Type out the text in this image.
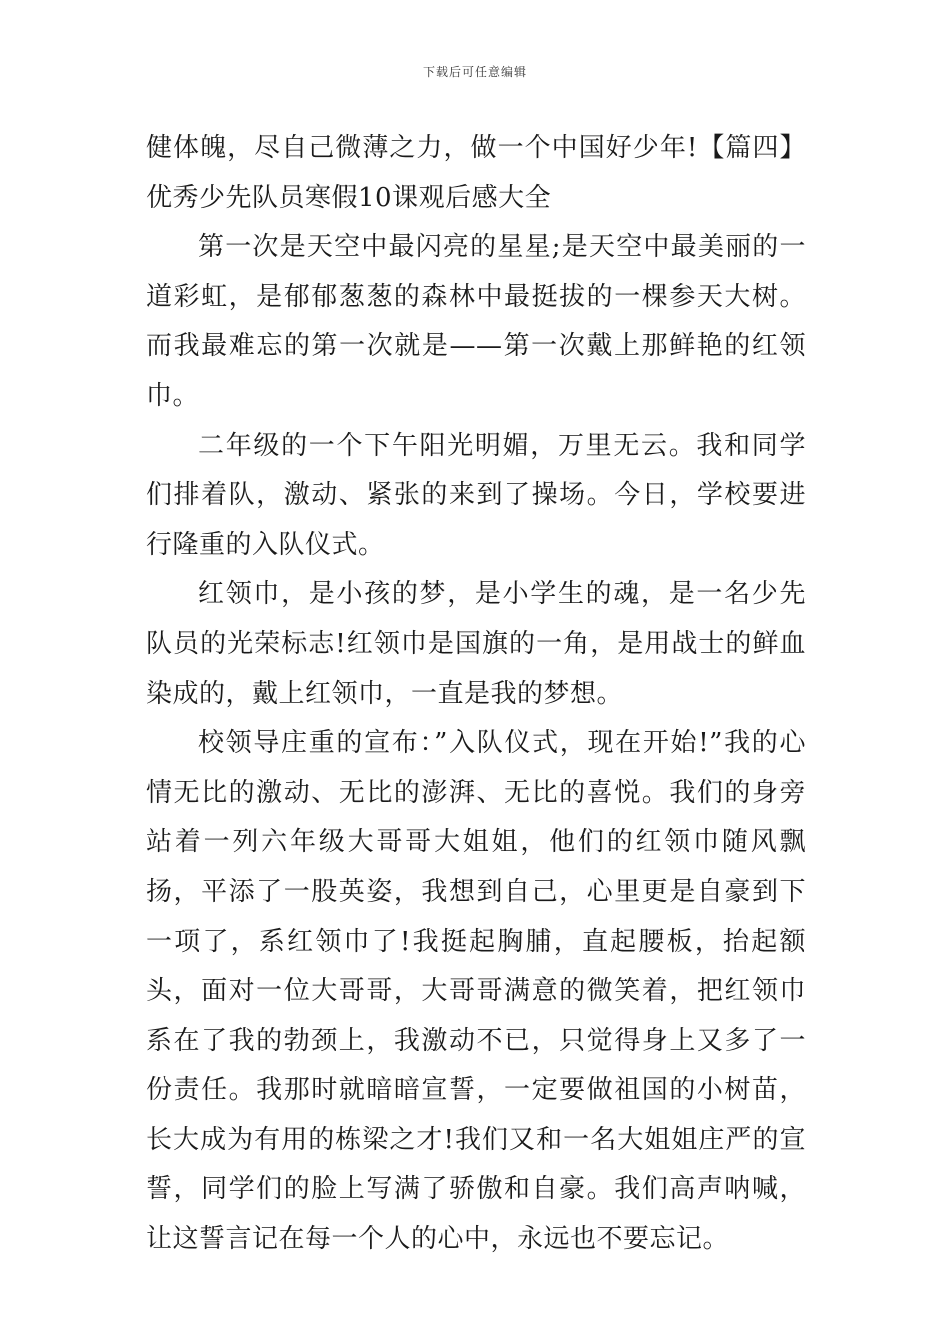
下载后可任意编辑

健体魄，尽自己微薄之力，做一个中国好少年!【篇四】优秀少先队员寒假10课观后感大全

第一次是天空中最闪亮的星星;是天空中最美丽的一道彩虹，是郁郁葱葱的森林中最挺拔的一棵参天大树。而我最难忘的第一次就是——第一次戴上那鲜艳的红领巾。

二年级的一个下午阳光明媚，万里无云。我和同学们排着队，激动、紧张的来到了操场。今日，学校要进行隆重的入队仪式。

红领巾，是小孩的梦，是小学生的魂，是一名少先队员的光荣标志!红领巾是国旗的一角，是用战士的鲜血染成的，戴上红领巾，一直是我的梦想。

校领导庄重的宣布：”入队仪式，现在开始!”我的心情无比的激动、无比的澎湃、无比的喜悦。我们的身旁站着一列六年级大哥哥大姐姐，他们的红领巾随风飘扬，平添了一股英姿，我想到自己，心里更是自豪到下一项了，系红领巾了!我挺起胸脯，直起腰板，抬起额头，面对一位大哥哥，大哥哥满意的微笑着，把红领巾系在了我的勃颈上，我激动不已，只觉得身上又多了一份责任。我那时就暗暗宣誓，一定要做祖国的小树苗，长大成为有用的栋梁之才!我们又和一名大姐姐庄严的宣誓，同学们的脸上写满了骄傲和自豪。我们高声呐喊，让这誓言记在每一个人的心中，永远也不要忘记。
